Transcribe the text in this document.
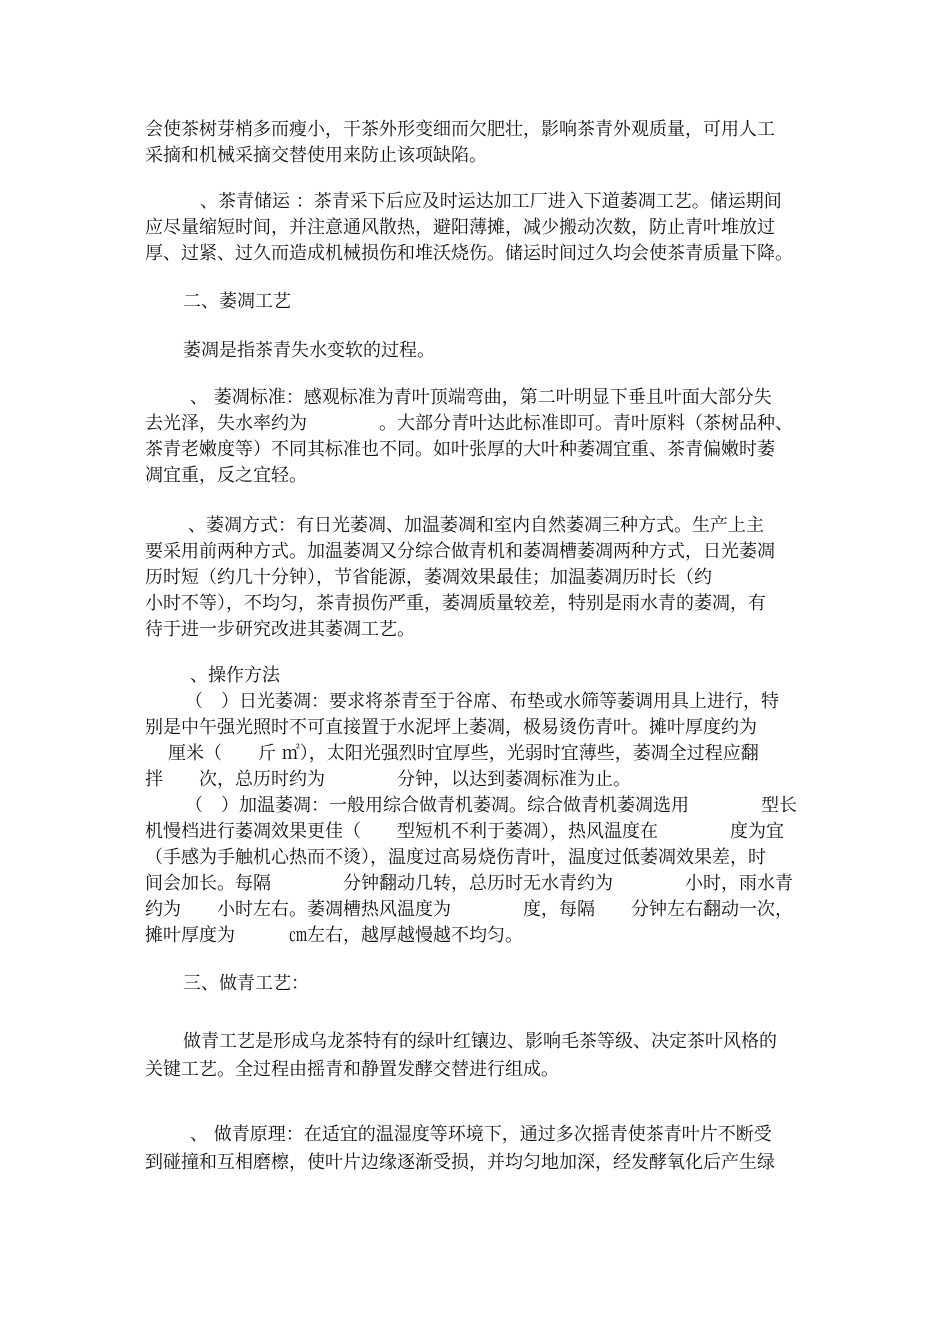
会使茶树芽梢多而瘦小，干茶外形变细而欠肥壮，影响茶青外观质量，可用人工
采摘和机械采摘交替使用来防止该项缺陷。
、茶青储运 ：茶青采下后应及时运达加工厂进入下道萎凋工艺。储运期间
应尽量缩短时间，并注意通风散热，避阳薄摊，减少搬动次数，防止青叶堆放过
厚、过紧、过久而造成机械损伤和堆沃烧伤。储运时间过久均会使茶青质量下降。
二、萎凋工艺
萎凋是指茶青失水变软的过程。
、 萎凋标准：感观标准为青叶顶端弯曲，第二叶明显下垂且叶面大部分失
去光泽，失水率约为　　　　。大部分青叶达此标准即可。青叶原料（茶树品种、
茶青老嫩度等）不同其标准也不同。如叶张厚的大叶种萎凋宜重、茶青偏嫩时萎
凋宜重，反之宜轻。
、萎凋方式：有日光萎凋、加温萎凋和室内自然萎凋三种方式。生产上主
要采用前两种方式。加温萎凋又分综合做青机和萎凋槽萎凋两种方式，日光萎凋
历时短（约几十分钟），节省能源，萎凋效果最佳；加温萎凋历时长（约
小时不等），不均匀，茶青损伤严重，萎凋质量较差，特别是雨水青的萎凋，有
待于进一步研究改进其萎凋工艺。
、操作方法
（　）日光萎凋：要求将茶青至于谷席、布垫或水筛等萎调用具上进行，特
别是中午强光照时不可直接置于水泥坪上萎凋，极易烫伤青叶。摊叶厚度约为
厘米（　　斤 ㎡），太阳光强烈时宜厚些，光弱时宜薄些，萎凋全过程应翻
拌　　次，总历时约为　　　　分钟，以达到萎凋标准为止。
（　）加温萎凋：一般用综合做青机萎凋。综合做青机萎凋选用　　　　型长
机慢档进行萎凋效果更佳（　　型短机不利于萎凋），热风温度在　　　　度为宜
（手感为手触机心热而不烫），温度过高易烧伤青叶，温度过低萎凋效果差，时
间会加长。每隔　　　　分钟翻动几转，总历时无水青约为　　　　小时，雨水青
约为　　小时左右。萎凋槽热风温度为　　　　度，每隔　　分钟左右翻动一次，
摊叶厚度为　　　㎝左右，越厚越慢越不均匀。
三、做青工艺：
做青工艺是形成乌龙茶特有的绿叶红镶边、影响毛茶等级、决定茶叶风格的
关键工艺。全过程由摇青和静置发酵交替进行组成。
、 做青原理：在适宜的温湿度等环境下，通过多次摇青使茶青叶片不断受
到碰撞和互相磨檫，使叶片边缘逐渐受损，并均匀地加深，经发酵氧化后产生绿
